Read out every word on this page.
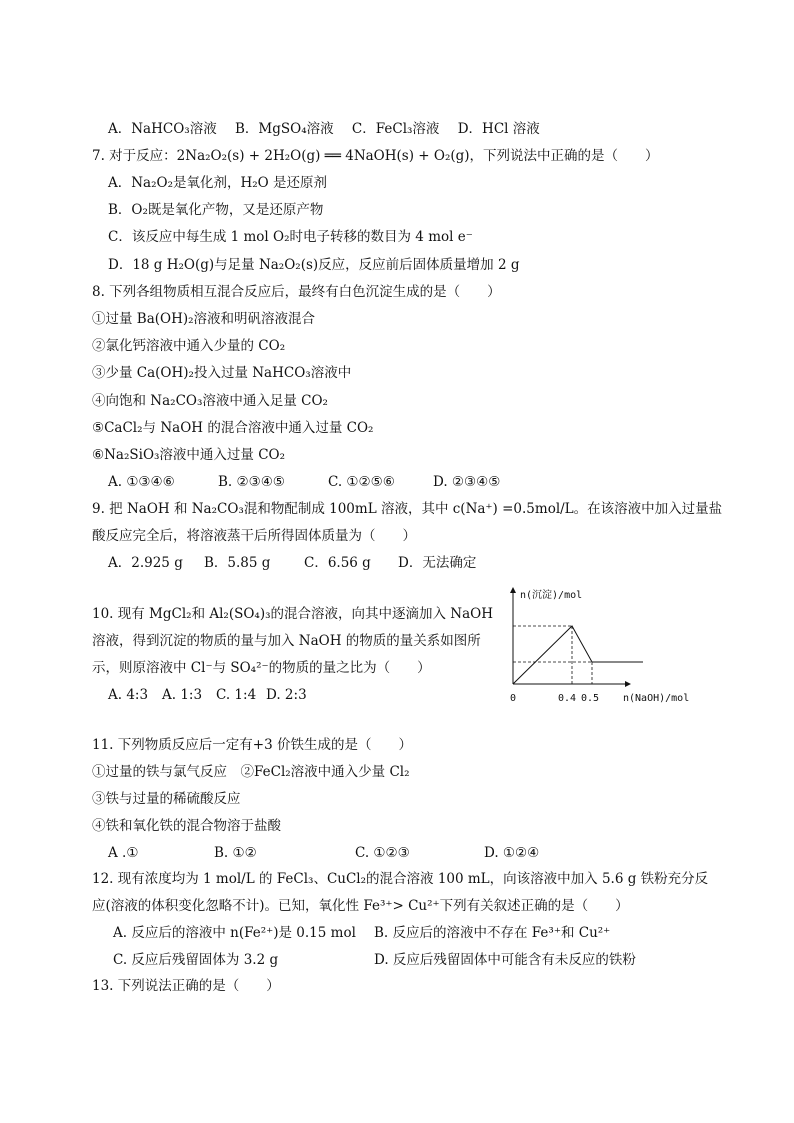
A．NaHCO₃溶液 B．MgSO₄溶液 C．FeCl₃溶液 D．HCl 溶液
7. 对于反应：2Na₂O₂(s) + 2H₂O(g) ══ 4NaOH(s) + O₂(g)，下列说法中正确的是（　　）
A．Na₂O₂是氧化剂，H₂O 是还原剂
B．O₂既是氧化产物，又是还原产物
C．该反应中每生成 1 mol O₂时电子转移的数目为 4 mol e⁻
D．18 g H₂O(g)与足量 Na₂O₂(s)反应，反应前后固体质量增加 2 g
8. 下列各组物质相互混合反应后，最终有白色沉淀生成的是（　　）
①过量 Ba(OH)₂溶液和明矾溶液混合
②氯化钙溶液中通入少量的 CO₂
③少量 Ca(OH)₂投入过量 NaHCO₃溶液中
④向饱和 Na₂CO₃溶液中通入足量 CO₂
⑤CaCl₂与 NaOH 的混合溶液中通入过量 CO₂
⑥Na₂SiO₃溶液中通入过量 CO₂
A. ①③④⑥	B. ②③④⑤	C. ①②⑤⑥	D. ②③④⑤
9. 把 NaOH 和 Na₂CO₃混和物配制成 100mL 溶液，其中 c(Na⁺) =0.5mol/L。在该溶液中加入过量盐
酸反应完全后，将溶液蒸干后所得固体质量为（　　）
A．2.925 g B．5.85 g C．6.56 g D．无法确定
10. 现有 MgCl₂和 Al₂(SO₄)₃的混合溶液，向其中逐滴加入 NaOH
溶液，得到沉淀的物质的量与加入 NaOH 的物质的量关系如图所
示，则原溶液中 Cl⁻与 SO₄²⁻的物质的量之比为（　　）
A. 4:3 A. 1:3 C. 1:4 D. 2:3
n(沉淀)/mol
n(NaOH)/mol
0	0.4 0.5
11. 下列物质反应后一定有+3 价铁生成的是（　　）
①过量的铁与氯气反应　②FeCl₂溶液中通入少量 Cl₂
③铁与过量的稀硫酸反应
④铁和氧化铁的混合物溶于盐酸
A .①	B. ①②	C. ①②③	D. ①②④
12. 现有浓度均为 1 mol/L 的 FeCl₃、CuCl₂的混合溶液 100 mL，向该溶液中加入 5.6 g 铁粉充分反
应(溶液的体积变化忽略不计)。已知，氧化性 Fe³⁺> Cu²⁺下列有关叙述正确的是（　　）
A. 反应后的溶液中 n(Fe²⁺)是 0.15 mol B. 反应后的溶液中不存在 Fe³⁺和 Cu²⁺
C. 反应后残留固体为 3.2 g	D. 反应后残留固体中可能含有未反应的铁粉
13. 下列说法正确的是（　　）
